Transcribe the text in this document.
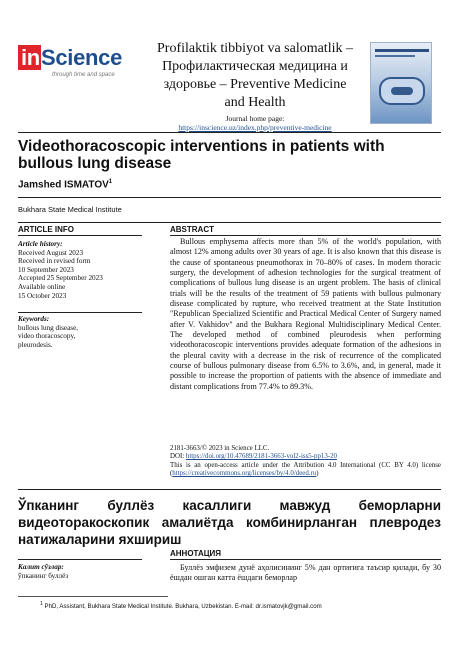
inScience
through time and space
Profilaktik tibbiyot va salomatlik –
Профилактическая медицина и
здоровье – Preventive Medicine
and Health
Journal home page:
https://inscience.uz/index.php/preventive-medicine
Videothoracoscopic interventions in patients with bullous lung disease
Jamshed ISMATOV$^1$
Bukhara State Medical Institute
ARTICLE INFO	ABSTRACT
Article history:
Received August 2023
Received in revised form
10 September 2023
Accepted 25 September 2023
Available online
15 October 2023
Keywords:
bullous lung disease,
video thoracoscopy,
pleurodesis.
Bullous emphysema affects more than 5% of the world's population, with almost 12% among adults over 30 years of age. It is also known that this disease is the cause of spontaneous pneumothorax in 70–80% of cases. In modern thoracic surgery, the development of adhesion technologies for the surgical treatment of complications of bullous lung disease is an urgent problem. The basis of clinical trials will be the results of the treatment of 59 patients with bullous pulmonary disease complicated by rupture, who received treatment at the State Institution "Republican Specialized Scientific and Practical Medical Center of Surgery named after V. Vakhidov" and the Bukhara Regional Multidisciplinary Medical Center. The developed method of combined pleurodesis when performing videothoracoscopic interventions provides adequate formation of the adhesions in the pleural cavity with a decrease in the risk of recurrence of the complicated course of bullous pulmonary disease from 6.5% to 3.6%, and, in general, made it possible to increase the proportion of patients with the absence of immediate and distant complications from 77.4% to 89.3%.
2181-3663/© 2023 in Science LLC.
DOI: https://doi.org/10.47689/2181-3663-vol2-iss5-pp13-20
This is an open-access article under the Attribution 4.0 International (CC BY 4.0) license (https://creativecommons.org/licenses/by/4.0/deed.ru)
Ўпканинг буллёз касаллиги мавжуд беморларни видеоторакоскопик амалиётда комбинирланган плевродез натижаларини яхшириш
АННОТАЦИЯ
Калит сўзлар:
ўпканинг буллёз
Буллёз эмфизем дунё аҳолисининг 5% дан ортиғига таъсир қилади, бу 30 ёшдан ошган катта ёшдаги беморлар
$^1$ PhD, Assistant, Bukhara State Medical Institute. Bukhara, Uzbekistan. E-mail: dr.ismatovjk@gmail.com
